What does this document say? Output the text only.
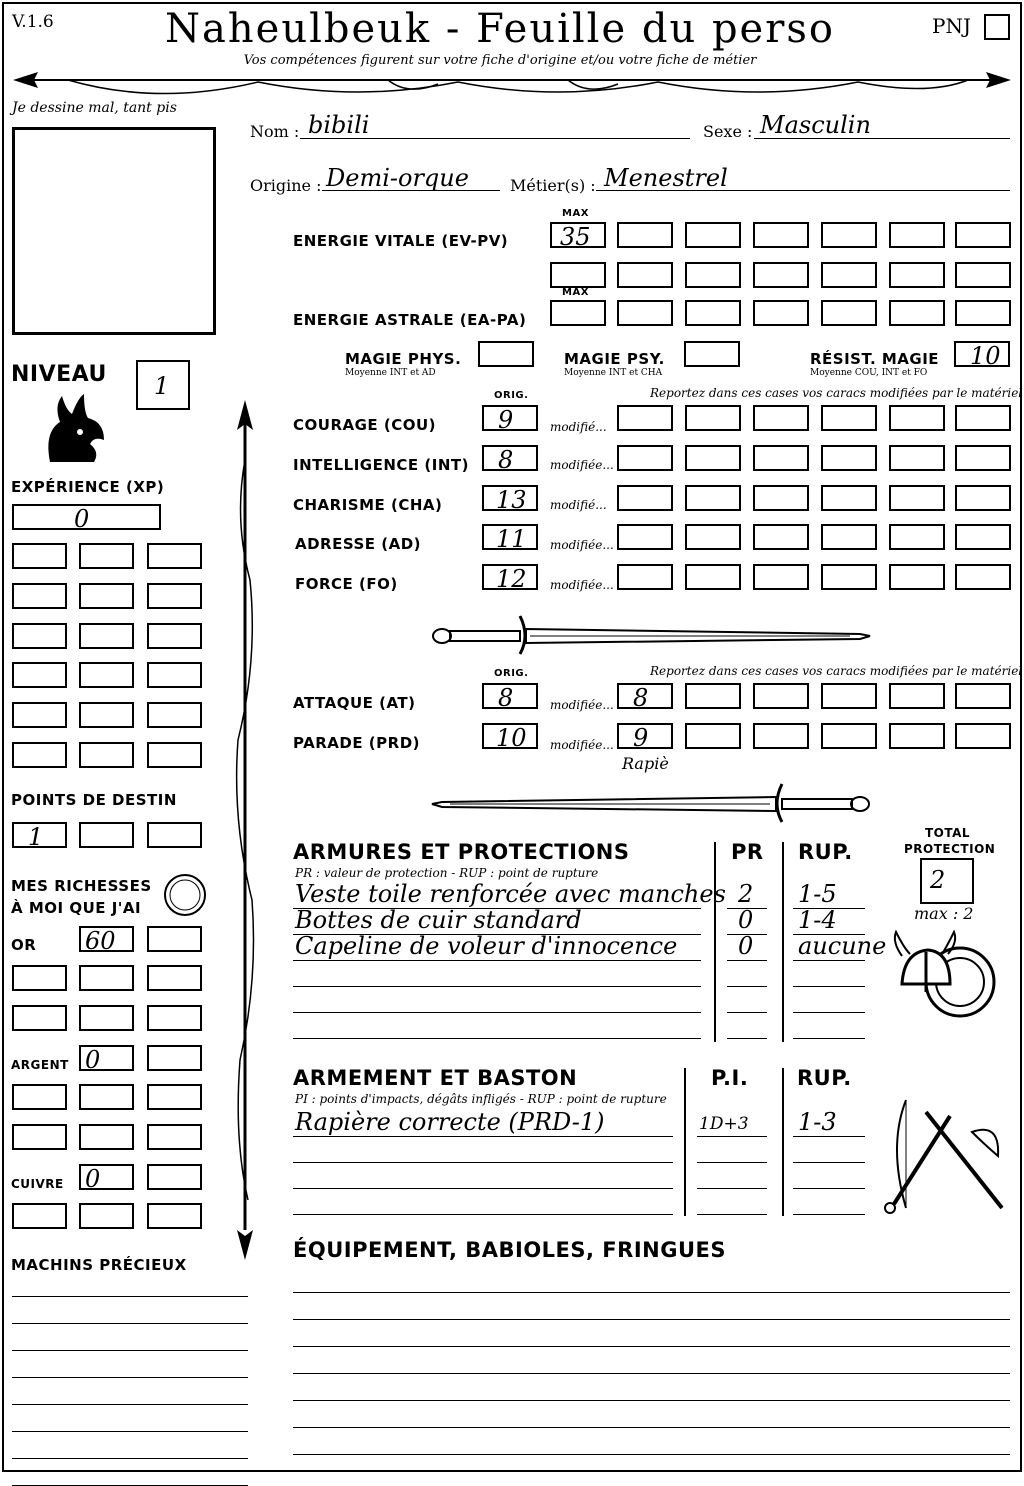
V.1.6	Naheulbeuk - Feuille du perso
Vos compétences figurent sur votre fiche d'origine et/ou votre fiche de métier
PNJ
Je dessine mal, tant pis
Nom : bibili	Sexe : Masculin
Origine : Demi-orque	Métier(s) : Menestrel
MAX
ENERGIE VITALE (EV-PV) 35
MAX
ENERGIE ASTRALE (EA-PA)
MAGIE PHYS.
Moyenne INT et AD
MAGIE PSY.
Moyenne INT et CHA
RÉSIST. MAGIE
Moyenne COU, INT et FO
10
ORIG.	Reportez dans ces cases vos caracs modifiées par le matériel
COURAGE (COU)	9	modifié...
INTELLIGENCE (INT) 8	modifiée...
CHARISME (CHA) 13 modifié...
ADRESSE (AD)	11 modifiée...
FORCE (FO)	12 modifiée...
ORIG.	Reportez dans ces cases vos caracs modifiées par le matériel
ATTAQUE (AT)	8	modifiée... 8
PARADE (PRD)	10 modifiée... 9
Rapiè
NIVEAU 1
EXPÉRIENCE (XP)
0
POINTS DE DESTIN
1
MES RICHESSES
À MOI QUE J'AI
OR 60
ARGENT 0
CUIVRE 0
MACHINS PRÉCIEUX
ARMURES ET PROTECTIONS
PR : valeur de protection - RUP : point de rupture
PR RUP.
TOTAL
PROTECTION
2
max : 2
ARMEMENT ET BASTON
PI : points d'impacts, dégâts infligés - RUP : point de rupture
P.I. RUP.
ÉQUIPEMENT, BABIOLES, FRINGUES
Veste toile renforcée avec manches 2 1-5
Bottes de cuir standard	0 1-4
Capeline de voleur d'innocence	0 aucune
Rapière correcte (PRD-1)	1D+3 1-3
